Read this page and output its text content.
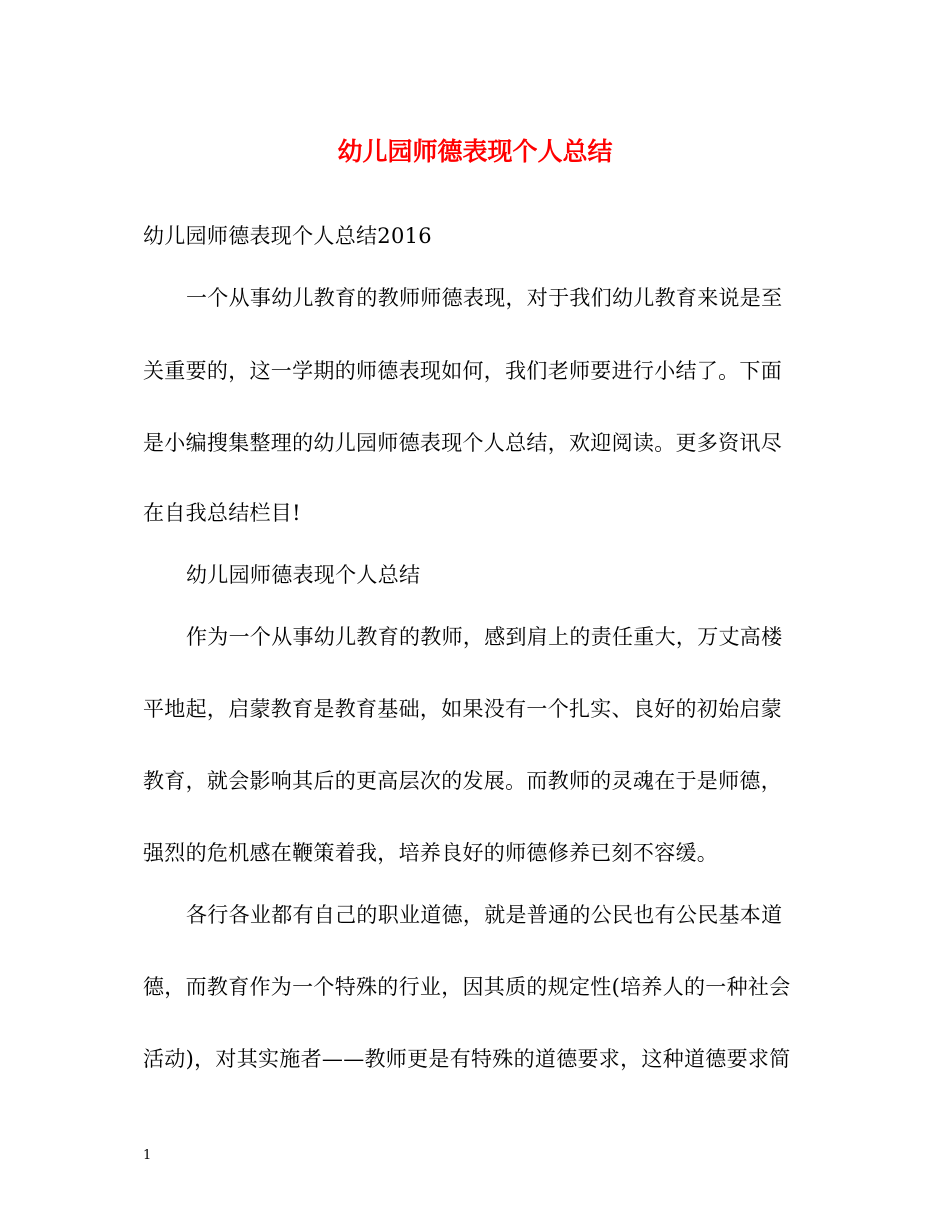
幼儿园师德表现个人总结
幼儿园师德表现个人总结2016
一个从事幼儿教育的教师师德表现，对于我们幼儿教育来说是至
关重要的，这一学期的师德表现如何，我们老师要进行小结了。下面
是小编搜集整理的幼儿园师德表现个人总结，欢迎阅读。更多资讯尽
在自我总结栏目!
幼儿园师德表现个人总结
作为一个从事幼儿教育的教师，感到肩上的责任重大，万丈高楼
平地起，启蒙教育是教育基础，如果没有一个扎实、良好的初始启蒙
教育，就会影响其后的更高层次的发展。而教师的灵魂在于是师德，
强烈的危机感在鞭策着我，培养良好的师德修养已刻不容缓。
各行各业都有自己的职业道德，就是普通的公民也有公民基本道
德，而教育作为一个特殊的行业，因其质的规定性(培养人的一种社会
活动)，对其实施者——教师更是有特殊的道德要求，这种道德要求简
1
